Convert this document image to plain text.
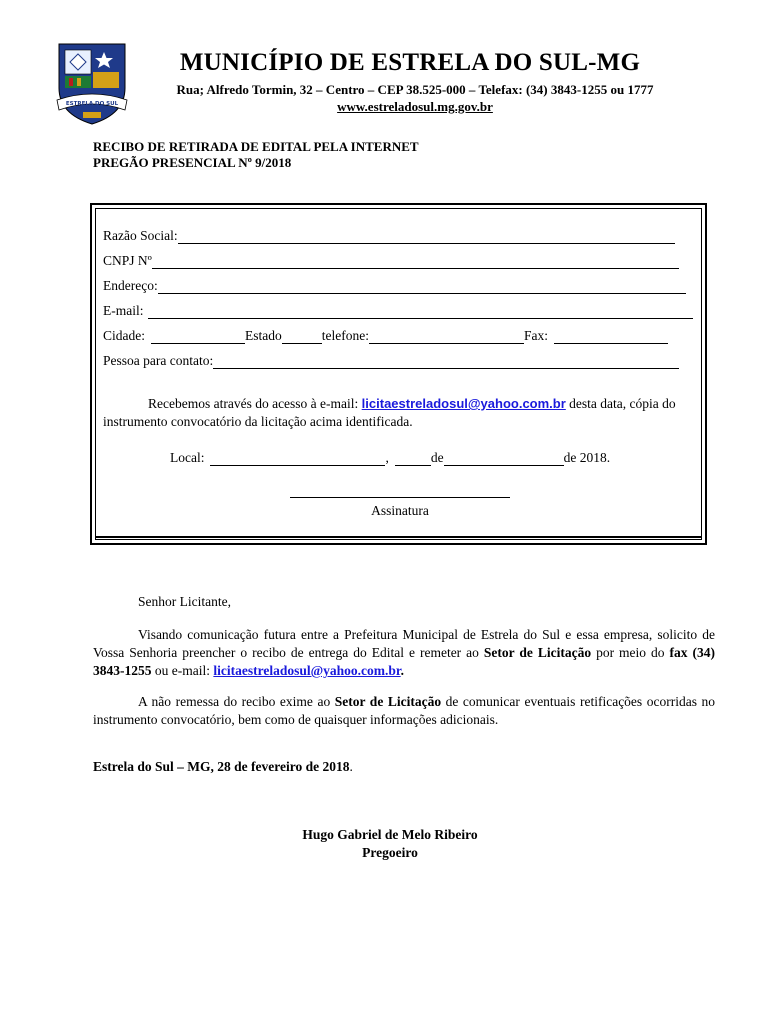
ESTRELA DO SUL
MUNICÍPIO DE ESTRELA DO SUL-MG
Rua; Alfredo Tormin, 32 – Centro – CEP 38.525-000 – Telefax: (34) 3843-1255 ou 1777
www.estreladosul.mg.gov.br
RECIBO DE RETIRADA DE EDITAL PELA INTERNET
PREGÃO PRESENCIAL Nº 9/2018
Razão Social:
CNPJ Nº
Endereço:
E-mail:
Cidade:	Estado	telefone:	Fax:
Pessoa para contato:
Recebemos através do acesso à e-mail: licitaestreladosul@yahoo.com.br desta data, cópia do instrumento convocatório da licitação acima identificada.
Local:	,	de	de 2018.
Assinatura
Senhor Licitante,
Visando comunicação futura entre a Prefeitura Municipal de Estrela do Sul e essa empresa, solicito de Vossa Senhoria preencher o recibo de entrega do Edital e remeter ao Setor de Licitação por meio do fax (34) 3843-1255 ou e-mail: licitaestreladosul@yahoo.com.br.
A não remessa do recibo exime ao Setor de Licitação de comunicar eventuais retificações ocorridas no instrumento convocatório, bem como de quaisquer informações adicionais.
Estrela do Sul – MG, 28 de fevereiro de 2018.
Hugo Gabriel de Melo Ribeiro
Pregoeiro
